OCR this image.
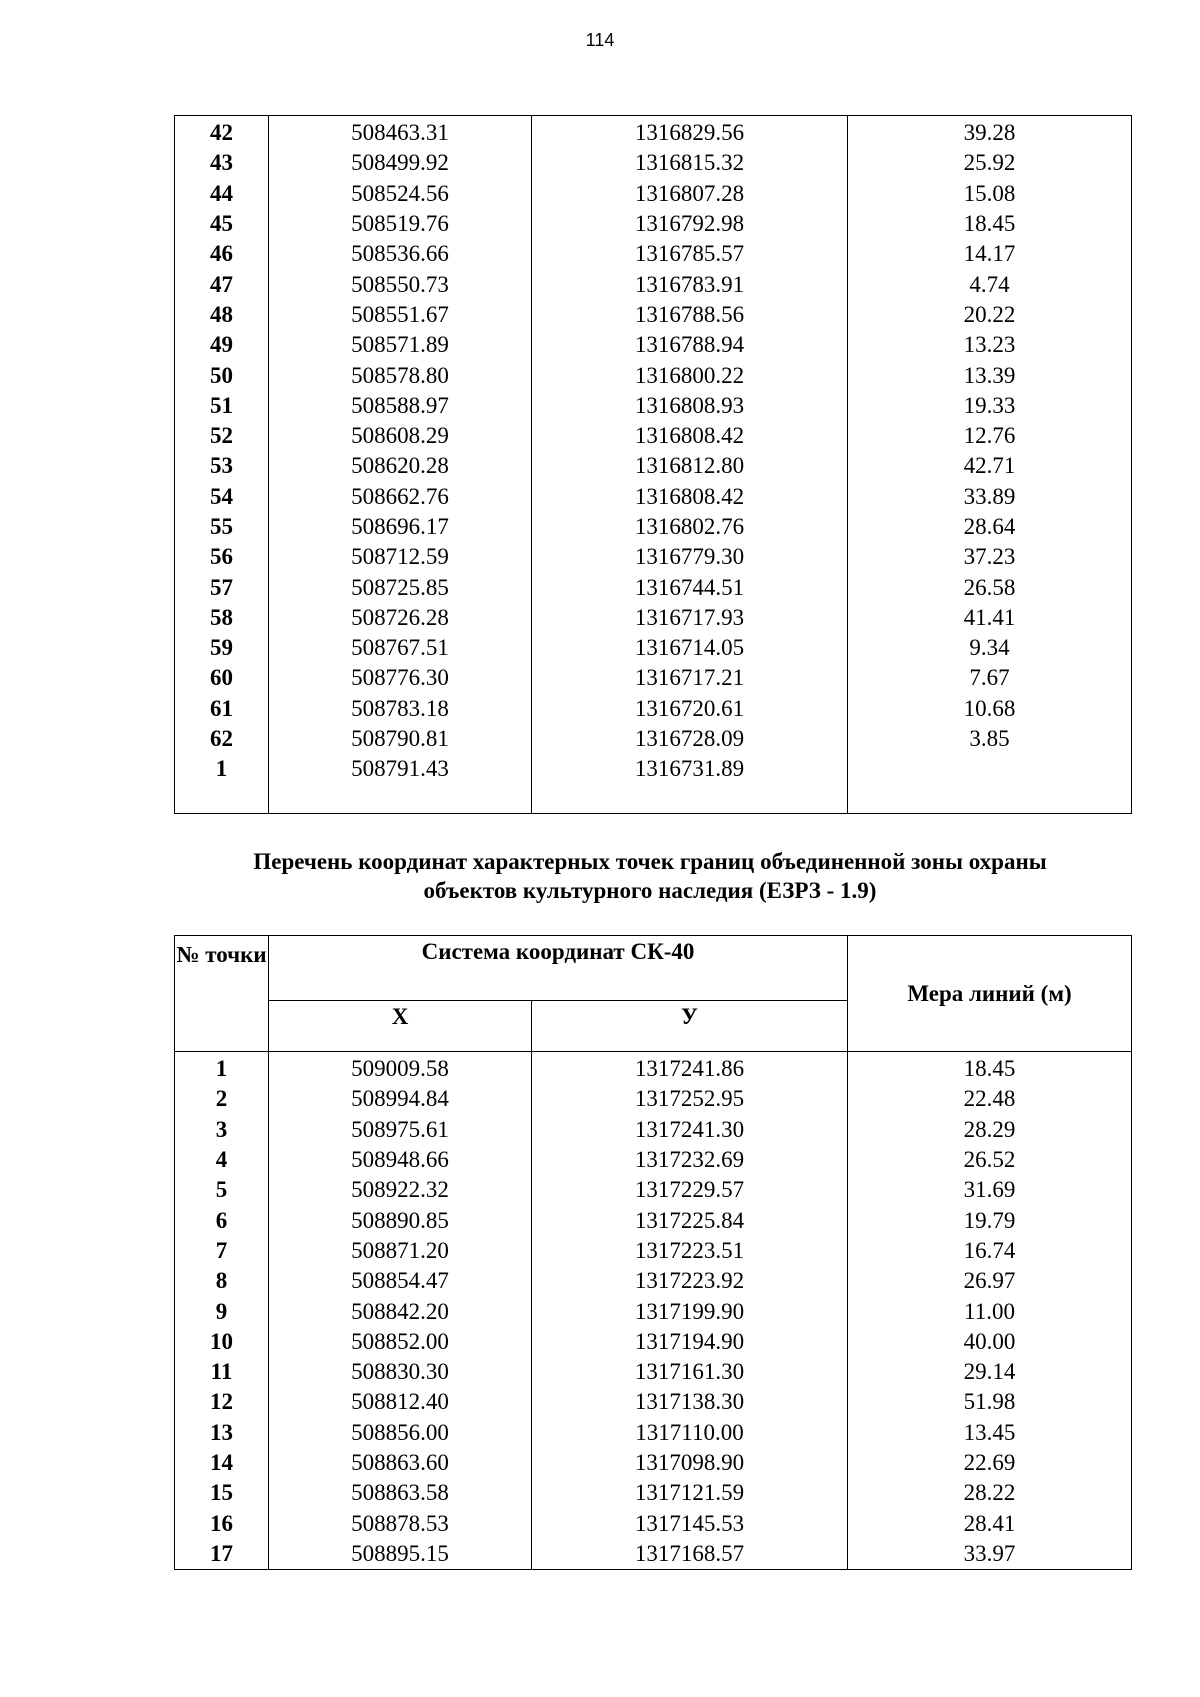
114
42	508463.31	1316829.56	39.28
43	508499.92	1316815.32	25.92
44	508524.56	1316807.28	15.08
45	508519.76	1316792.98	18.45
46	508536.66	1316785.57	14.17
47	508550.73	1316783.91	4.74
48	508551.67	1316788.56	20.22
49	508571.89	1316788.94	13.23
50	508578.80	1316800.22	13.39
51	508588.97	1316808.93	19.33
52	508608.29	1316808.42	12.76
53	508620.28	1316812.80	42.71
54	508662.76	1316808.42	33.89
55	508696.17	1316802.76	28.64
56	508712.59	1316779.30	37.23
57	508725.85	1316744.51	26.58
58	508726.28	1316717.93	41.41
59	508767.51	1316714.05	9.34
60	508776.30	1316717.21	7.67
61	508783.18	1316720.61	10.68
62	508790.81	1316728.09	3.85
1	508791.43	1316731.89	

Перечень координат характерных точек границ объединенной зоны охраны
объектов культурного наследия (ЕЗРЗ - 1.9)
№ точки	Система координат СК-40		Мера линий (м)
	X	У	
1	509009.58	1317241.86	18.45
2	508994.84	1317252.95	22.48
3	508975.61	1317241.30	28.29
4	508948.66	1317232.69	26.52
5	508922.32	1317229.57	31.69
6	508890.85	1317225.84	19.79
7	508871.20	1317223.51	16.74
8	508854.47	1317223.92	26.97
9	508842.20	1317199.90	11.00
10	508852.00	1317194.90	40.00
11	508830.30	1317161.30	29.14
12	508812.40	1317138.30	51.98
13	508856.00	1317110.00	13.45
14	508863.60	1317098.90	22.69
15	508863.58	1317121.59	28.22
16	508878.53	1317145.53	28.41
17	508895.15	1317168.57	33.97
